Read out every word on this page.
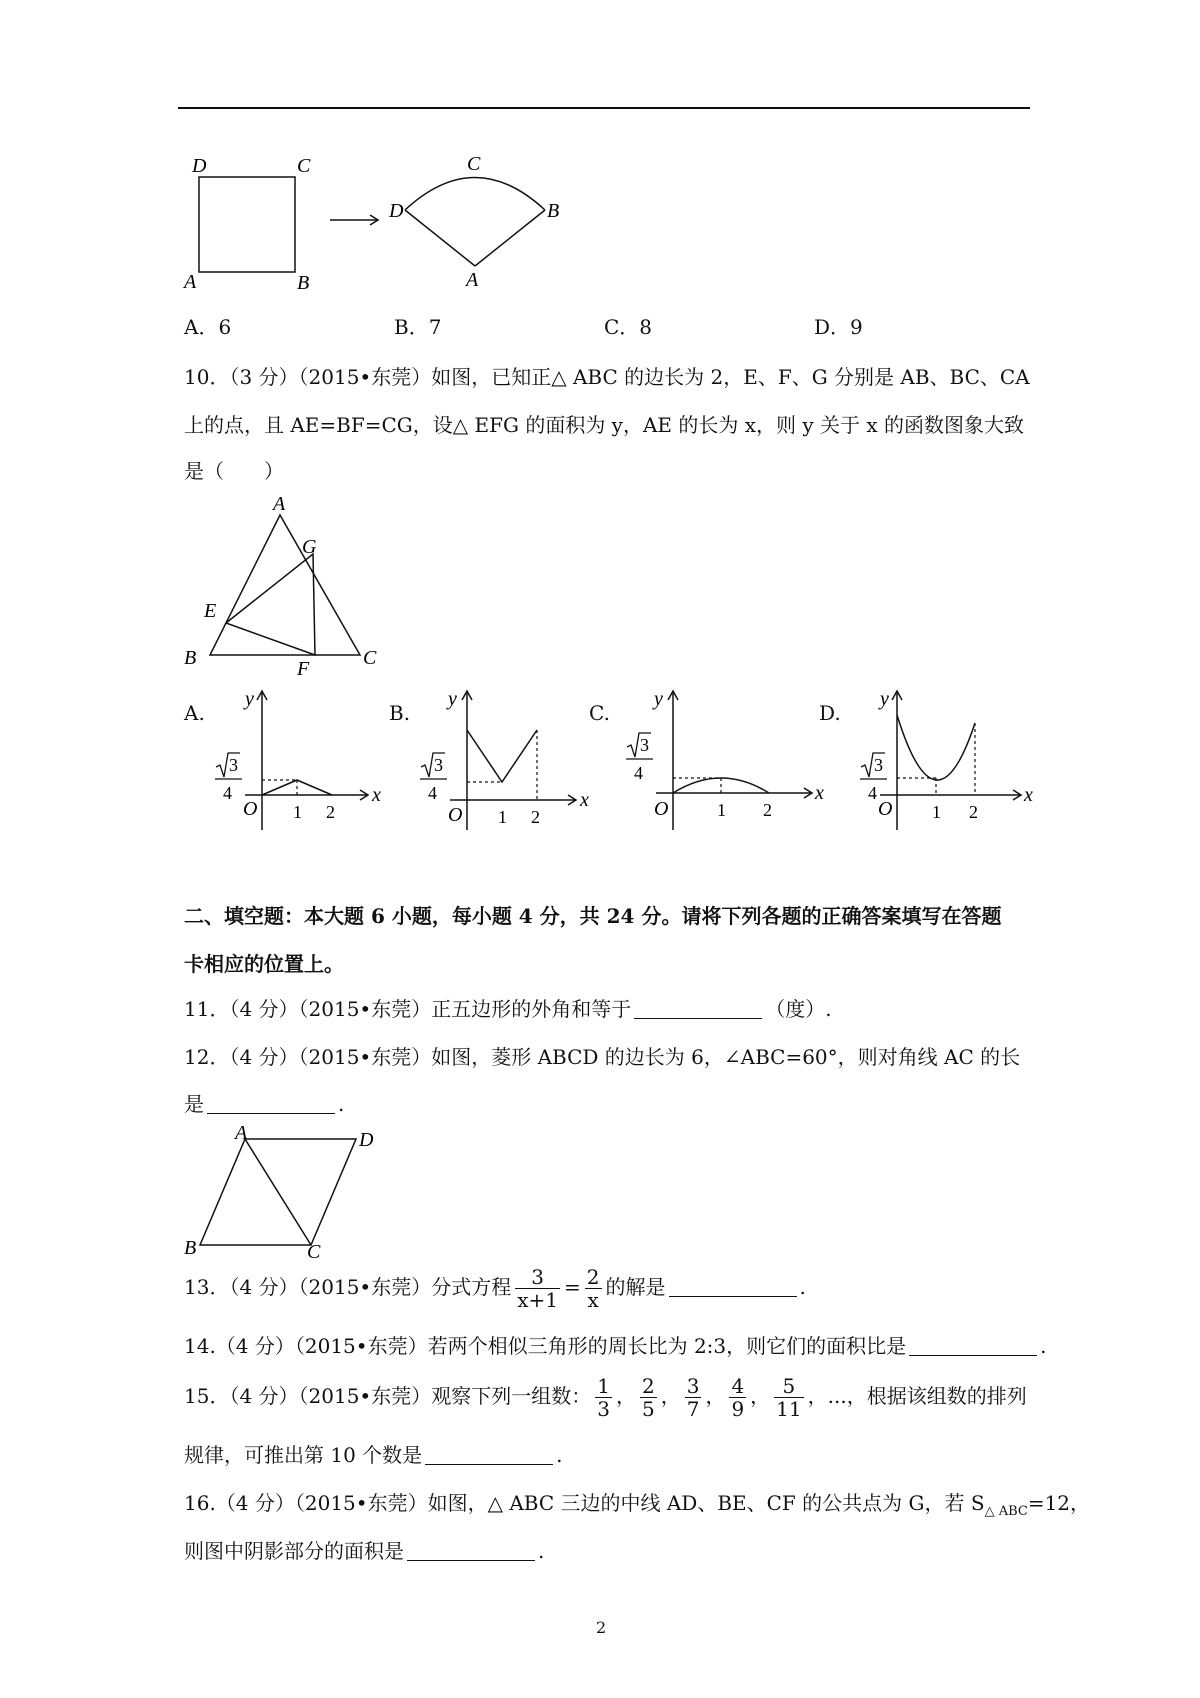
D	C
A	B
D
C
B
A
A．6	B．7	C．8	D．9
10．（3 分）（2015•东莞）如图，已知正△ ABC 的边长为 2，E、F、G 分别是 AB、BC、CA
上的点，且 AE=BF=CG，设△ EFG 的面积为 y，AE 的长为 x，则 y 关于 x 的函数图象大致
是（　　）
A
G
E
B	F	C
A.	B.	C.	D.
y
x
O 1 2
3
4
y
x
O 1 2
3
4
y
x
O	1 2
3
4
y
x
O 1 2
3
4
二、填空题：本大题 6 小题，每小题 4 分，共 24 分。请将下列各题的正确答案填写在答题
卡相应的位置上。
11．（4 分）（2015•东莞）正五边形的外角和等于	（度）.
12．（4 分）（2015•东莞）如图，菱形 ABCD 的边长为 6，∠ABC=60°，则对角线 AC 的长
是	.
A	D
B	C
13．（4 分）（2015•东莞）分式方程 $\frac{3}{x+1} = \frac{2}{x}$ 的解是	.
14.（4 分）（2015•东莞）若两个相似三角形的周长比为 2:3，则它们的面积比是	.
15．（4 分）（2015•东莞）观察下列一组数： $\frac{1}{3}$ ， $\frac{2}{5}$ ， $\frac{3}{7}$ ， $\frac{4}{9}$ ， $\frac{5}{11}$ ，...，根据该组数的排列
规律，可推出第 10 个数是	.
16.（4 分）（2015•东莞）如图，△ ABC 三边的中线 AD、BE、CF 的公共点为 G，若 $S_{\triangle ABC}=12$，
则图中阴影部分的面积是	.
2
